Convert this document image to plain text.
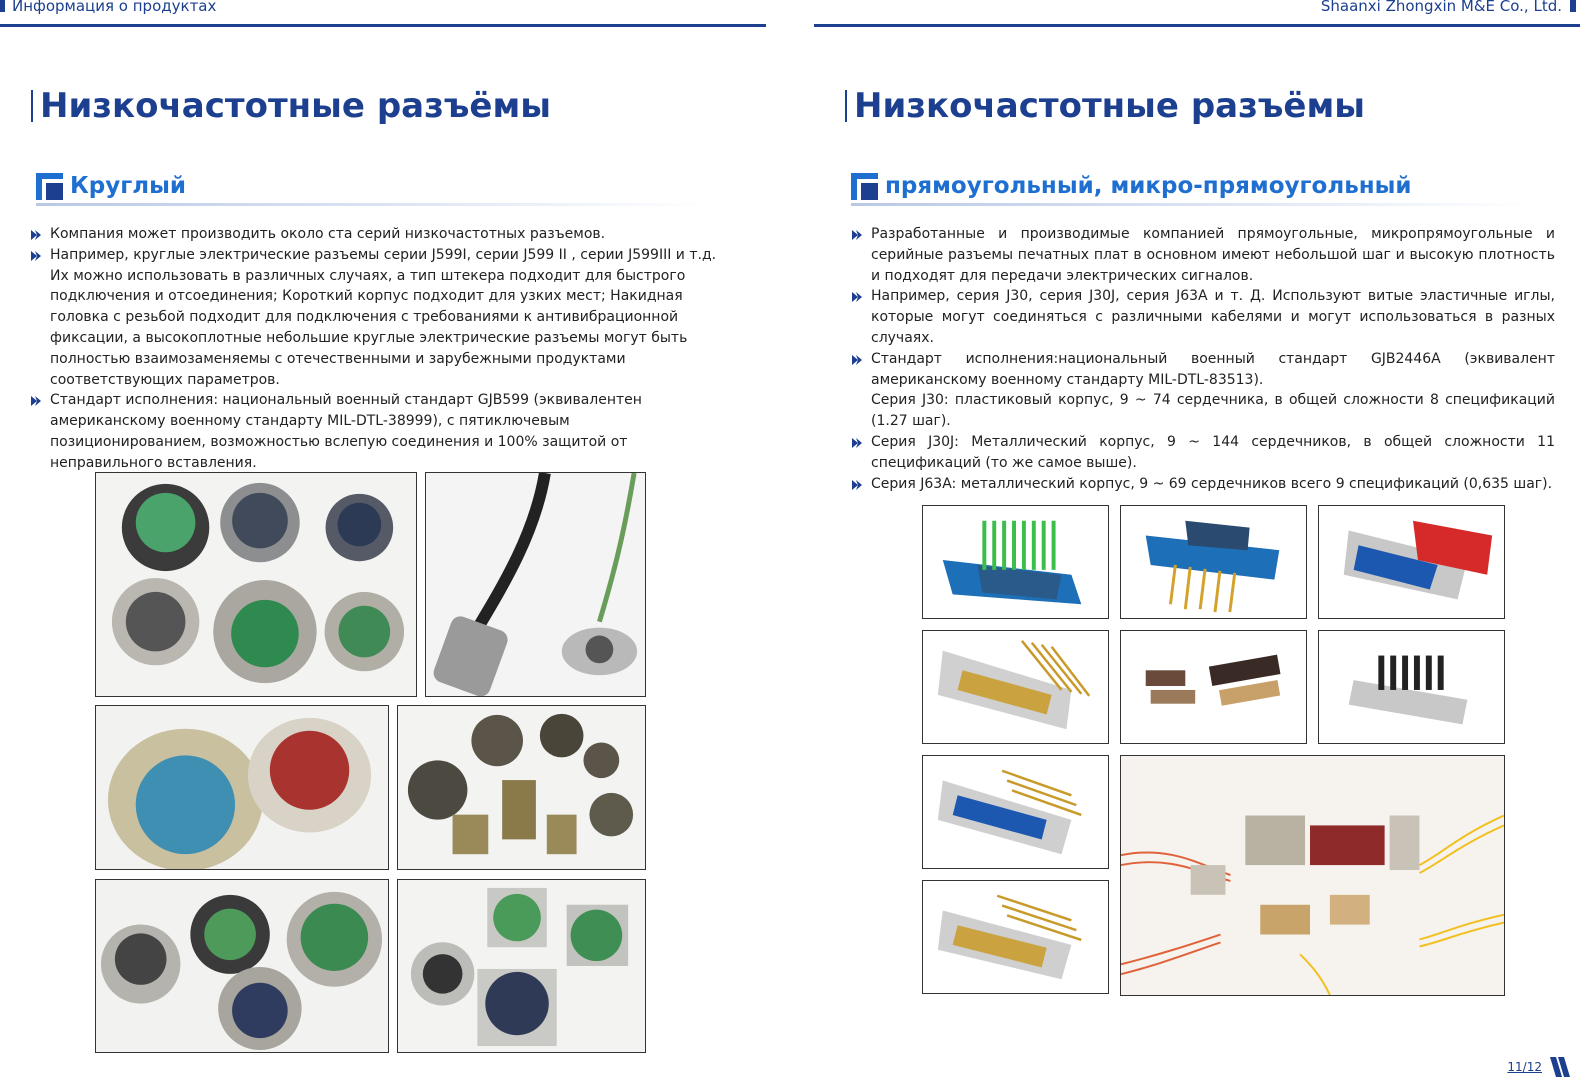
Информация о продуктах	Shaanxi Zhongxin M&E Co., Ltd.
Низкочастотные разъёмы
Круглый
Компания может производить около ста серий низкочастотных разъемов.
Например, круглые электрические разъемы серии J599I, серии J599 II , серии J599III и т.д. Их можно использовать в различных случаях, а тип штекера подходит для быстрого подключения и отсоединения; Короткий корпус подходит для узких мест; Накидная головка с резьбой подходит для подключения с требованиями к антивибрационной фиксации, а высокоплотные небольшие круглые электрические разъемы могут быть полностью взаимозаменяемы с отечественными и зарубежными продуктами соответствующих параметров.
Стандарт исполнения: национальный военный стандарт GJB599 (эквивалентен американскому военному стандарту MIL-DTL-38999), с пятиключевым позиционированием, возможностью вслепую соединения и 100% защитой от неправильного вставления.
Низкочастотные разъёмы
прямоугольный, микро-прямоугольный
Разработанные и производимые компанией прямоугольные, микропрямоугольные и серийные разъемы печатных плат в основном имеют небольшой шаг и высокую плотность и подходят для передачи электрических сигналов.
Например, серия J30, серия J30J, серия J63A и т. Д. Используют витые эластичные иглы, которые могут соединяться с различными кабелями и могут использоваться в разных случаях.
Стандарт исполнения:национальный военный стандарт GJB2446A (эквивалент американскому военному стандарту MIL-DTL-83513).
Серия J30: пластиковый корпус, 9 ~ 74 сердечника, в общей сложности 8 спецификаций (1.27 шаг).
Серия J30J: Металлический корпус, 9 ~ 144 сердечников, в общей сложности 11 спецификаций (то же самое выше).
Серия J63A: металлический корпус, 9 ~ 69 сердечников всего 9 спецификаций (0,635 шаг).
11/12
